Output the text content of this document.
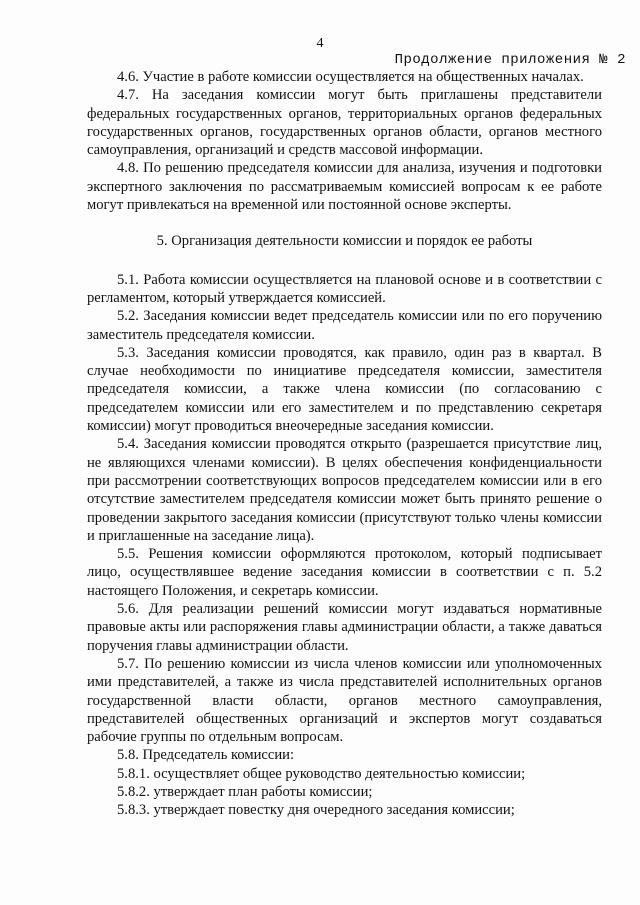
4
Продолжение приложения № 2

4.6. Участие в работе комиссии осуществляется на общественных началах.

4.7. На заседания комиссии могут быть приглашены представители федеральных государственных органов, территориальных органов федеральных государственных органов, государственных органов области, органов местного самоуправления, организаций и средств массовой информации.

4.8. По решению председателя комиссии для анализа, изучения и подготовки экспертного заключения по рассматриваемым комиссией вопросам к ее работе могут привлекаться на временной или постоянной основе эксперты.

5. Организация деятельности комиссии и порядок ее работы

5.1. Работа комиссии осуществляется на плановой основе и в соответствии с регламентом, который утверждается комиссией.

5.2. Заседания комиссии ведет председатель комиссии или по его поручению заместитель председателя комиссии.

5.3. Заседания комиссии проводятся, как правило, один раз в квартал. В случае необходимости по инициативе председателя комиссии, заместителя председателя комиссии, а также члена комиссии (по согласованию с председателем комиссии или его заместителем и по представлению секретаря комиссии) могут проводиться внеочередные заседания комиссии.

5.4. Заседания комиссии проводятся открыто (разрешается присутствие лиц, не являющихся членами комиссии). В целях обеспечения конфиденциальности при рассмотрении соответствующих вопросов председателем комиссии или в его отсутствие заместителем председателя комиссии может быть принято решение о проведении закрытого заседания комиссии (присутствуют только члены комиссии и приглашенные на заседание лица).

5.5. Решения комиссии оформляются протоколом, который подписывает лицо, осуществлявшее ведение заседания комиссии в соответствии с п. 5.2 настоящего Положения, и секретарь комиссии.

5.6. Для реализации решений комиссии могут издаваться нормативные правовые акты или распоряжения главы администрации области, а также даваться поручения главы администрации области.

5.7. По решению комиссии из числа членов комиссии или уполномоченных ими представителей, а также из числа представителей исполнительных органов государственной власти области, органов местного самоуправления, представителей общественных организаций и экспертов могут создаваться рабочие группы по отдельным вопросам.

5.8. Председатель комиссии:

5.8.1. осуществляет общее руководство деятельностью комиссии;

5.8.2. утверждает план работы комиссии;

5.8.3. утверждает повестку дня очередного заседания комиссии;
